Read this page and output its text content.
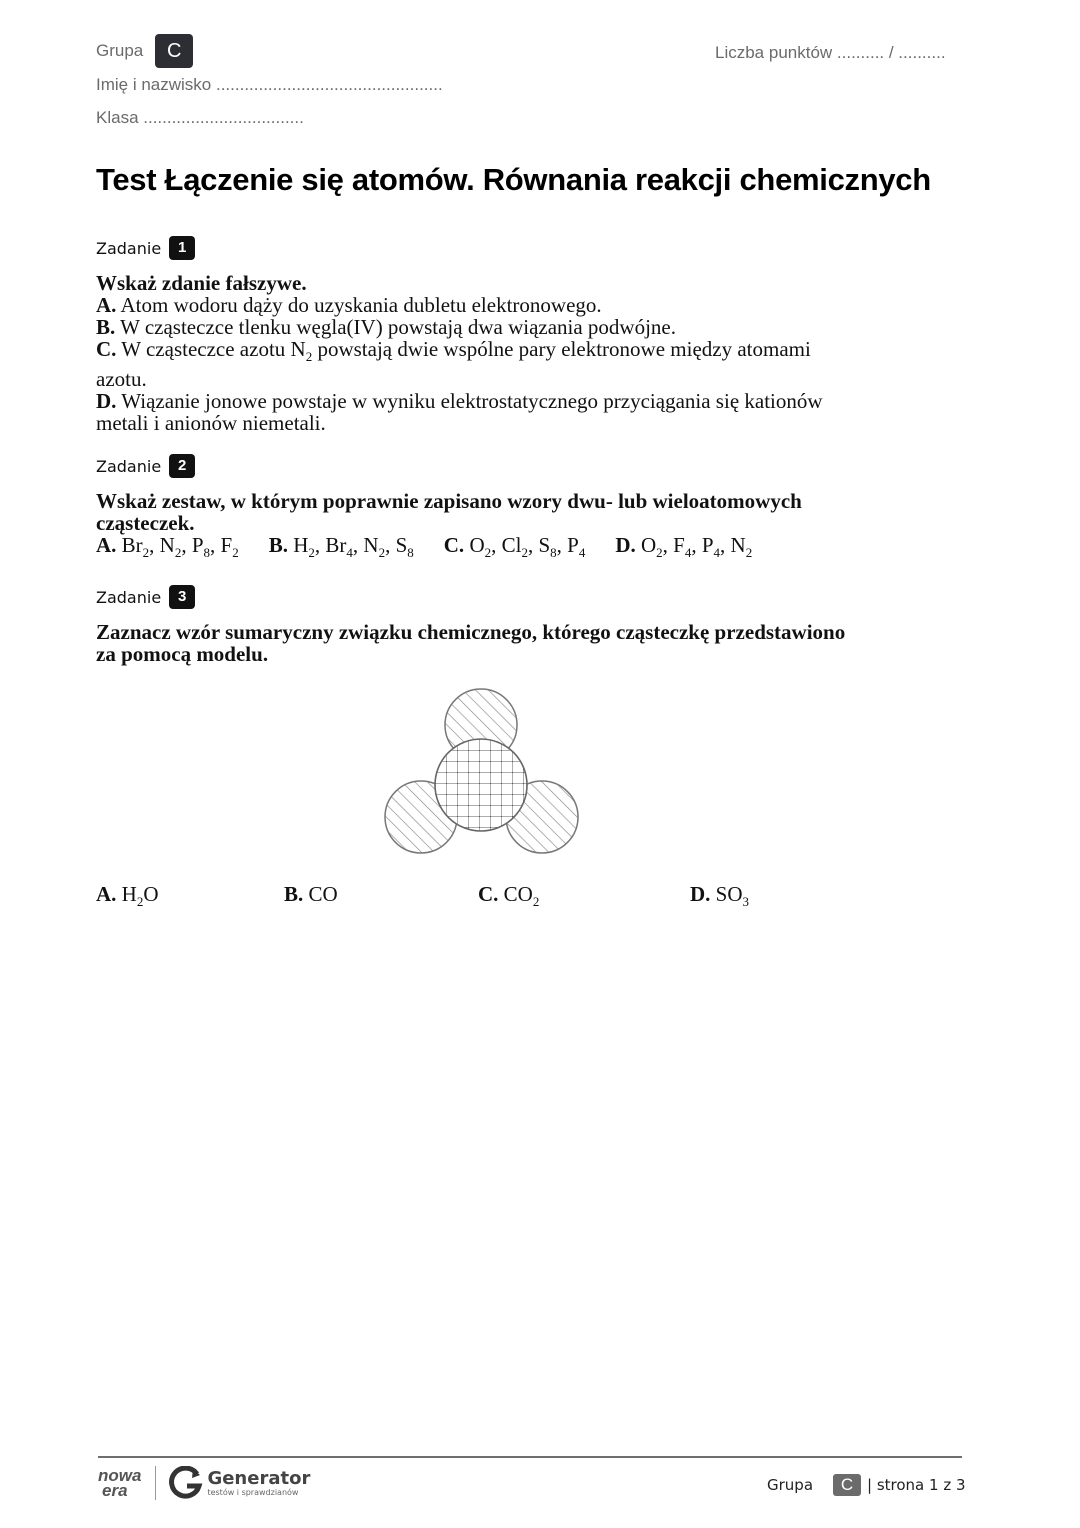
Grupa	C	Liczba punktów .......... / ..........
Imię i nazwisko ................................................
Klasa ..................................
Test Łączenie się atomów. Równania reakcji chemicznych
Zadanie	1
Wskaż zdanie fałszywe.
A. Atom wodoru dąży do uzyskania dubletu elektronowego.
B. W cząsteczce tlenku węgla(IV) powstają dwa wiązania podwójne.
C. W cząsteczce azotu $N_2$ powstają dwie wspólne pary elektronowe między atomami
azotu.
D. Wiązanie jonowe powstaje w wyniku elektrostatycznego przyciągania się kationów
metali i anionów niemetali.
Zadanie	2
Wskaż zestaw, w którym poprawnie zapisano wzory dwu- lub wieloatomowych
cząsteczek.
A. $Br_2$, $N_2$, $P_8$, $F_2$ B. $H_2$, $Br_4$, $N_2$, $S_8$ C. $O_2$, $Cl_2$, $S_8$, $P_4$ D. $O_2$, $F_4$, $P_4$, $N_2$
Zadanie	3
Zaznacz wzór sumaryczny związku chemicznego, którego cząsteczkę przedstawiono
za pomocą modelu.
A. $H_2O$	B. CO	C. $CO_2$	D. $SO_3$
nowa
era
Generator
testów i sprawdzianów	Grupa	C | strona 1 z 3
